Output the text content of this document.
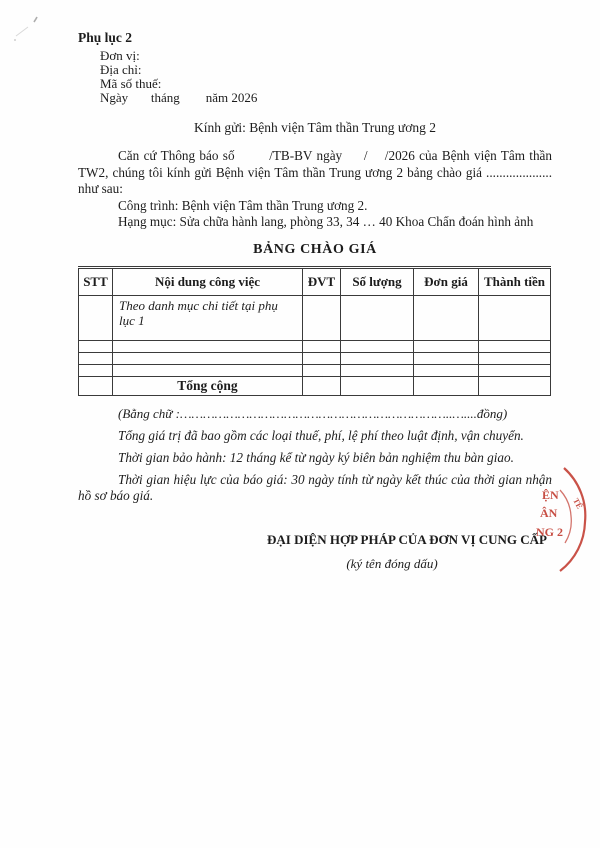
Phụ lục 2
Đơn vị:
Địa chỉ:
Mã số thuế:
Ngày       tháng        năm 2026
Kính gửi: Bệnh viện Tâm thần Trung ương 2
Căn cứ Thông báo số        /TB-BV ngày     /    /2026 của Bệnh viện Tâm thần TW2, chúng tôi kính gửi Bệnh viện Tâm thần Trung ương 2 bảng chào giá .................... như sau:
Công trình: Bệnh viện Tâm thần Trung ương 2.
Hạng mục: Sửa chữa hành lang, phòng 33, 34 … 40 Khoa Chẩn đoán hình ảnh
BẢNG CHÀO GIÁ
STT	Nội dung công việc	ĐVT	Số lượng	Đơn giá	Thành tiền
	Theo danh mục chi tiết tại phụ lục 1				

	Tổng cộng				
(Bằng chữ :……………………………………………………………..…....đồng)
Tổng giá trị đã bao gồm các loại thuế, phí, lệ phí theo luật định, vận chuyển.
Thời gian bảo hành: 12 tháng kể từ ngày ký biên bản nghiệm thu bàn giao.
Thời gian hiệu lực của báo giá: 30 ngày tính từ ngày kết thúc của thời gian nhận hồ sơ báo giá.
ĐẠI DIỆN HỢP PHÁP CỦA ĐƠN VỊ CUNG CẤP
(ký tên đóng dấu)
ỆN
ÂN
NG 2
TẾ
